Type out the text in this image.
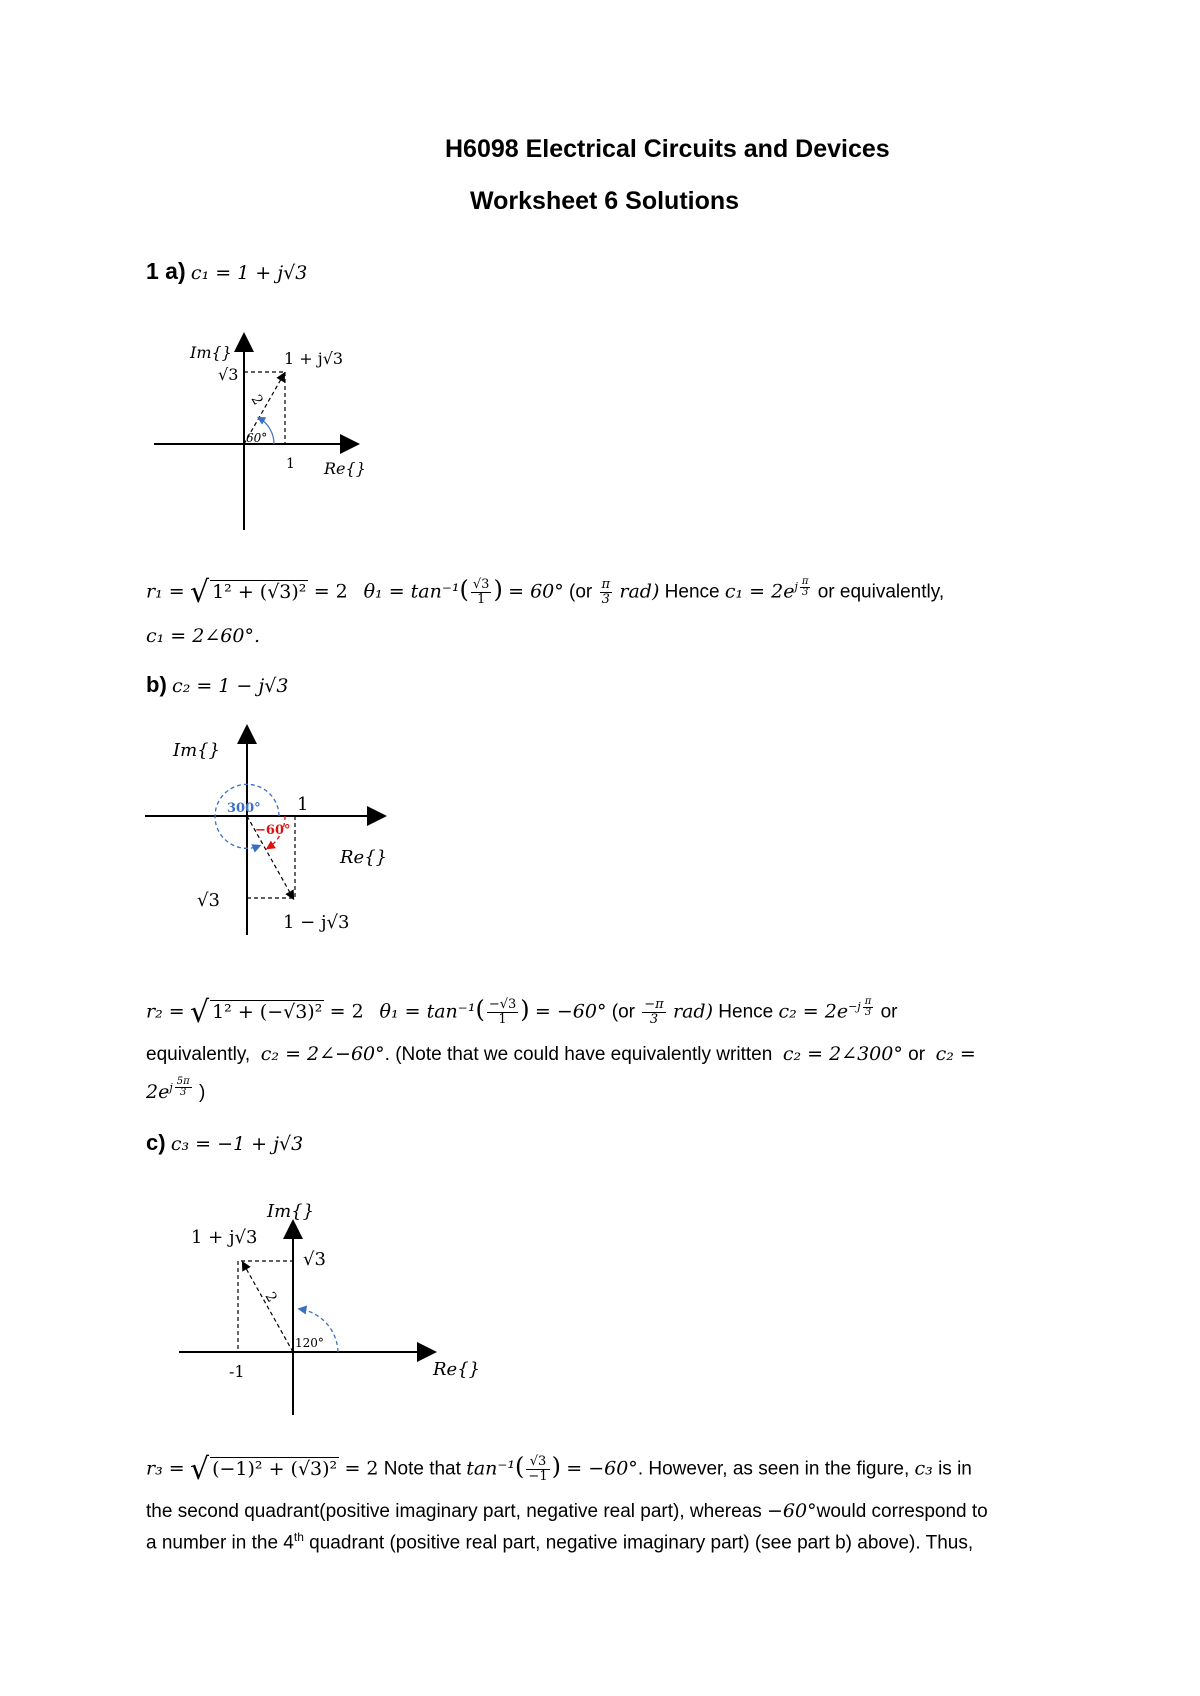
H6098 Electrical Circuits and Devices
Worksheet 6 Solutions
1 a) c₁ = 1 + j√3
Im{}
√3
1 + j√3
1 Re{}
60°
2
r₁ = √ 1² + (√3)² = 2 $\theta_1 = \tan^{-1}( \frac{√3}{1}$ ) = 60° $(or \frac{\pi}{3} rad)$ Hence $c_1 = 2e^{j \frac{\pi}{3}}$ or equivalently,
c₁ = 2∠60°.
b) c₂ = 1 − j√3
Im{}
300°
−60°
1
Re{}
√3
1 − j√3
r₂ = √ 1² + (−√3)² = 2 $\theta_1 = \tan^{-1}( \frac{-√3}{1}$ ) = −60° $(or \frac{-\pi}{3} rad)$ Hence $c_2 = 2e^{-j \frac{\pi}{3}}$ or
equivalently, c₂ = 2∠−60°. (Note that we could have equivalently written c₂ = 2∠300° or c₂ =
$2e^{j \frac{5\pi}{3}}$ )
c) c₃ = −1 + j√3
Im{}
1 + j√3
√3
2
120°
-1	Re{}
r₃ = √ (−1)² + (√3)² = 2 Note that $\tan^{-1}( \frac{√3}{-1}$ ) = −60°. However, as seen in the figure, c₃ is in
the second quadrant(positive imaginary part, negative real part), whereas −60°would correspond to
a number in the 4th quadrant (positive real part, negative imaginary part) (see part b) above). Thus,
